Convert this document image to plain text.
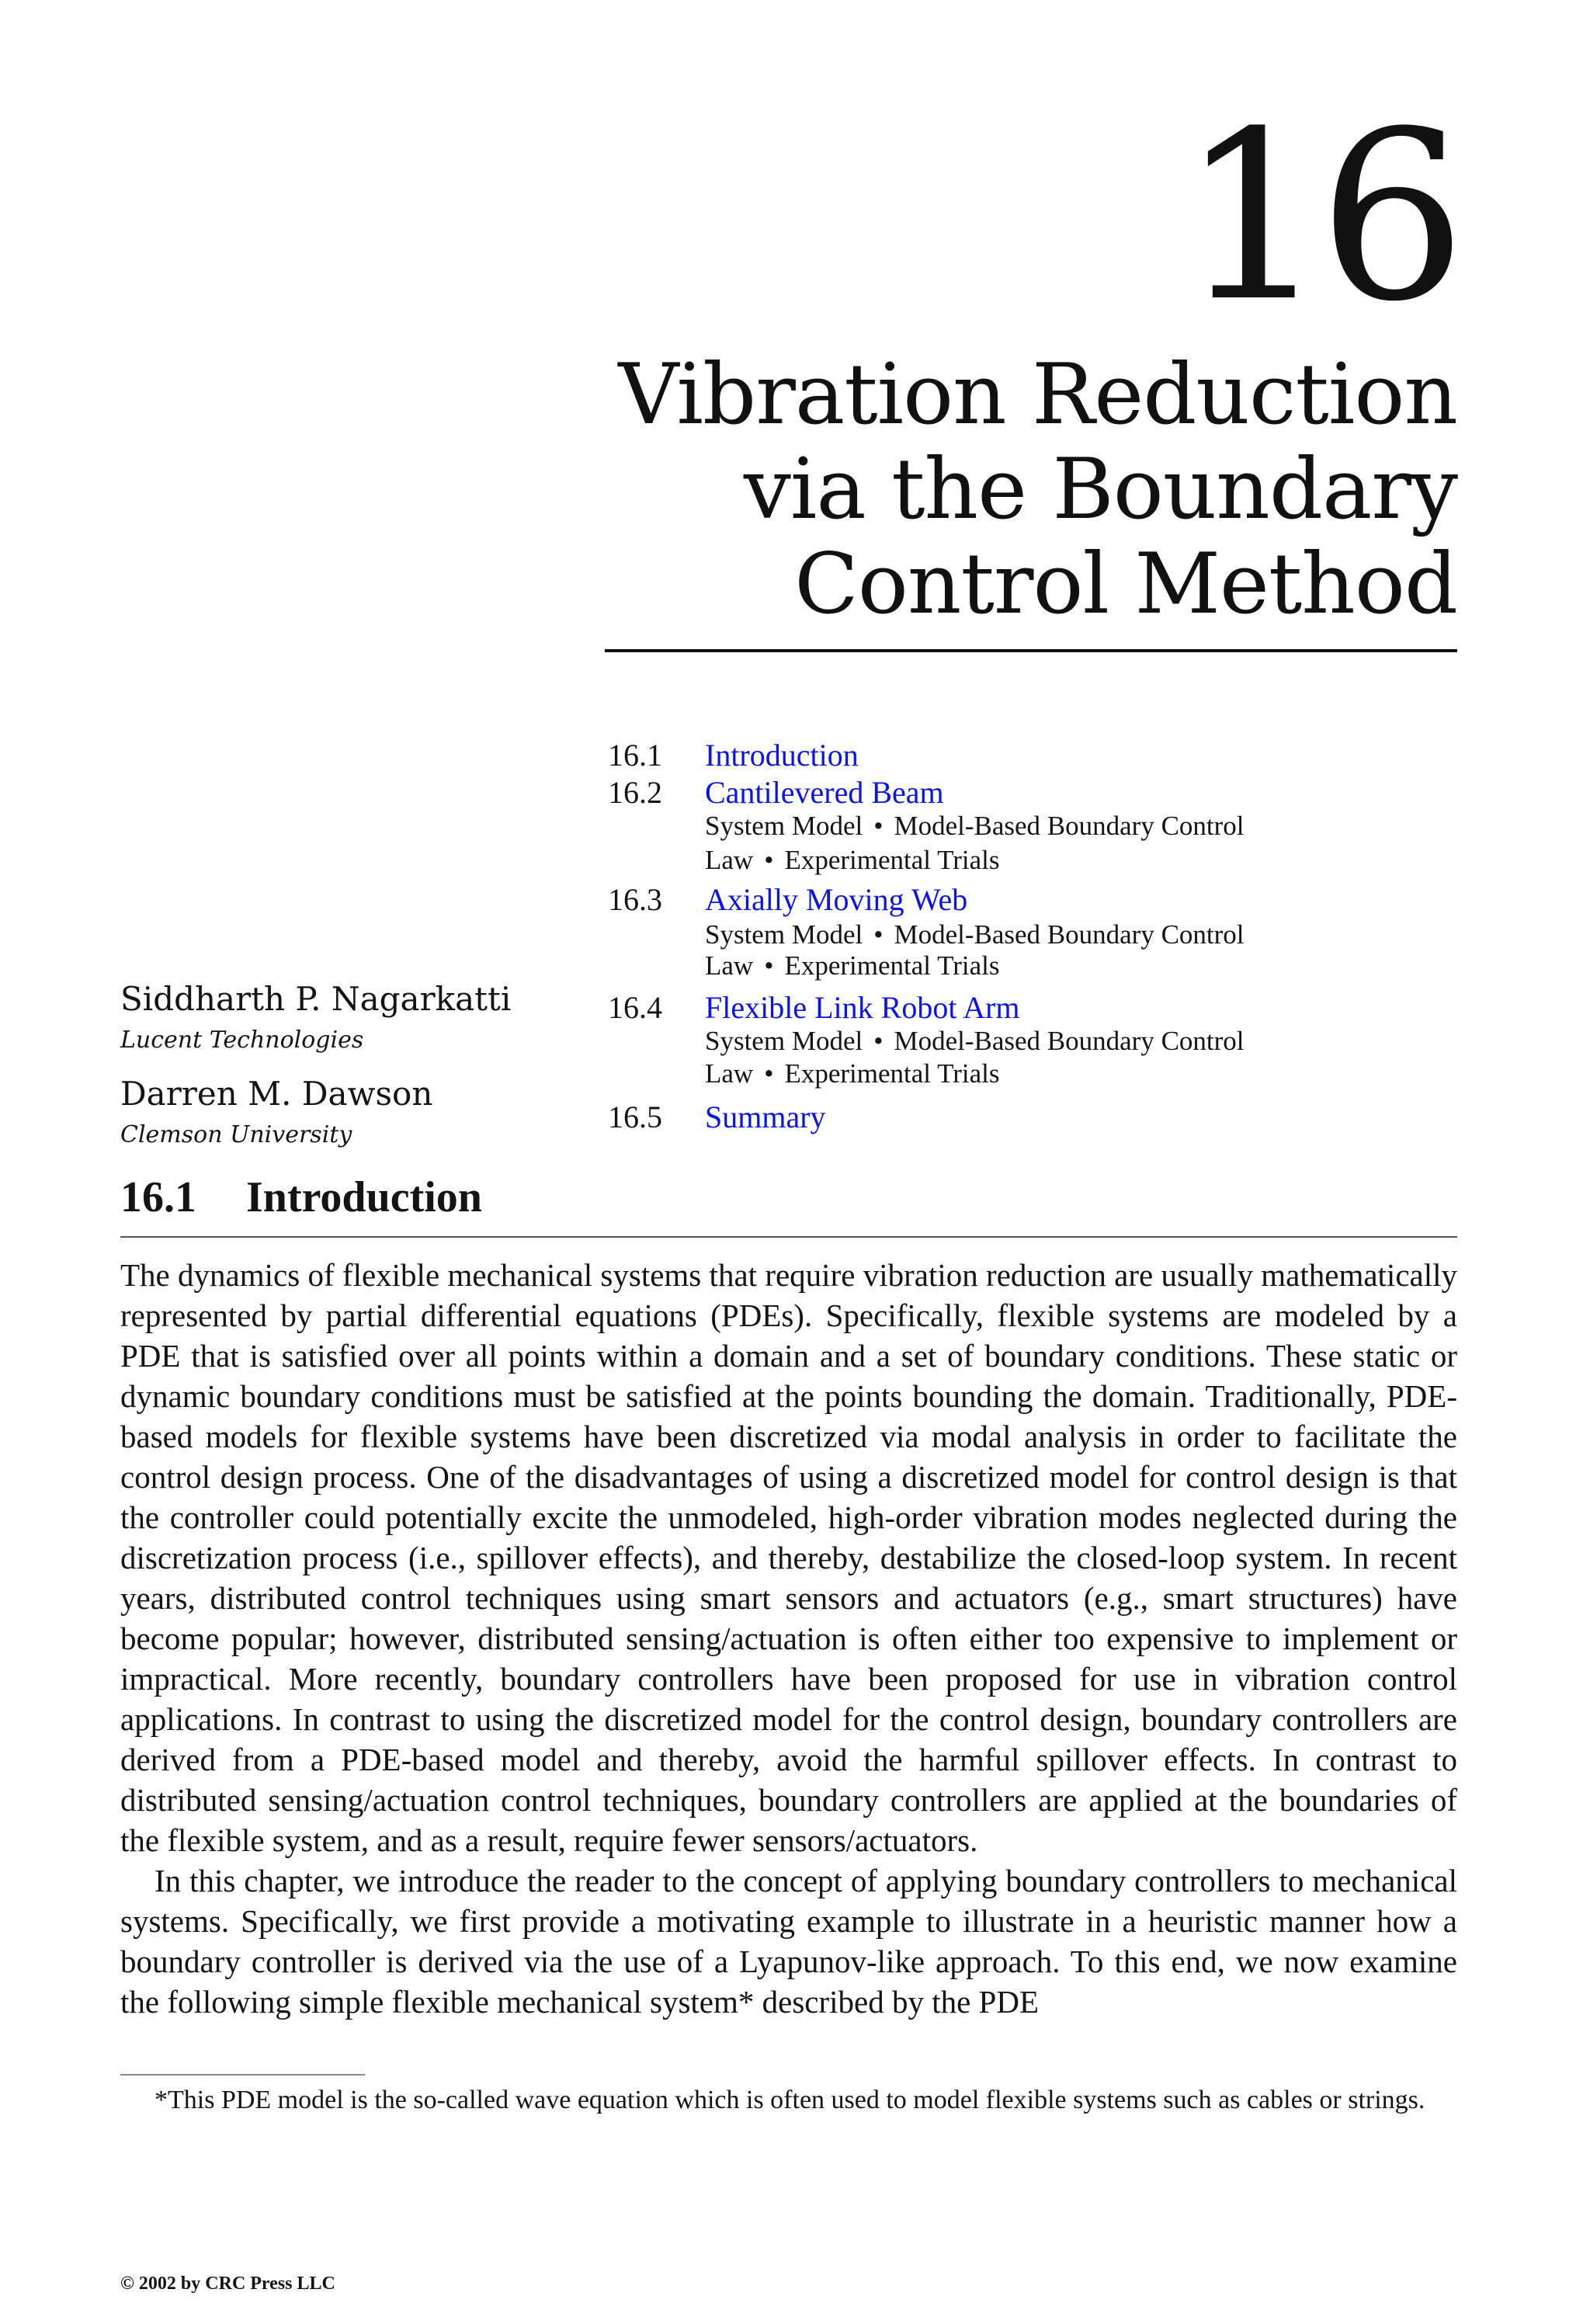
16
Vibration Reduction
via the Boundary
Control Method
16.1 Introduction
16.2 Cantilevered Beam
System Model • Model-Based Boundary Control
Law • Experimental Trials
16.3 Axially Moving Web
System Model • Model-Based Boundary Control
Law • Experimental Trials
16.4 Flexible Link Robot Arm
System Model • Model-Based Boundary Control
Law • Experimental Trials
16.5 Summary
Siddharth P. Nagarkatti
Lucent Technologies
Darren M. Dawson
Clemson University
16.1 Introduction

The dynamics of flexible mechanical systems that require vibration reduction are usually mathematically represented by partial differential equations (PDEs). Specifically, flexible systems are modeled by a PDE that is satisfied over all points within a domain and a set of boundary conditions. These static or dynamic boundary conditions must be satisfied at the points bounding the domain. Traditionally, PDE-based models for flexible systems have been discretized via modal analysis in order to facilitate the control design process. One of the disadvantages of using a discretized model for control design is that the controller could potentially excite the unmodeled, high-order vibration modes neglected during the discretization process (i.e., spillover effects), and thereby, destabilize the closed-loop system. In recent years, distributed control techniques using smart sensors and actuators (e.g., smart structures) have become popular; however, distributed sensing/actuation is often either too expensive to implement or impractical. More recently, boundary controllers have been proposed for use in vibration control applications. In contrast to using the discretized model for the control design, boundary controllers are derived from a PDE-based model and thereby, avoid the harmful spillover effects. In contrast to distributed sensing/actuation control techniques, boundary controllers are applied at the boundaries of the flexible system, and as a result, require fewer sensors/actuators.

In this chapter, we introduce the reader to the concept of applying boundary controllers to mechanical systems. Specifically, we first provide a motivating example to illustrate in a heuristic manner how a boundary controller is derived via the use of a Lyapunov-like approach. To this end, we now examine the following simple flexible mechanical system* described by the PDE

*This PDE model is the so-called wave equation which is often used to model flexible systems such as cables or strings.
© 2002 by CRC Press LLC
